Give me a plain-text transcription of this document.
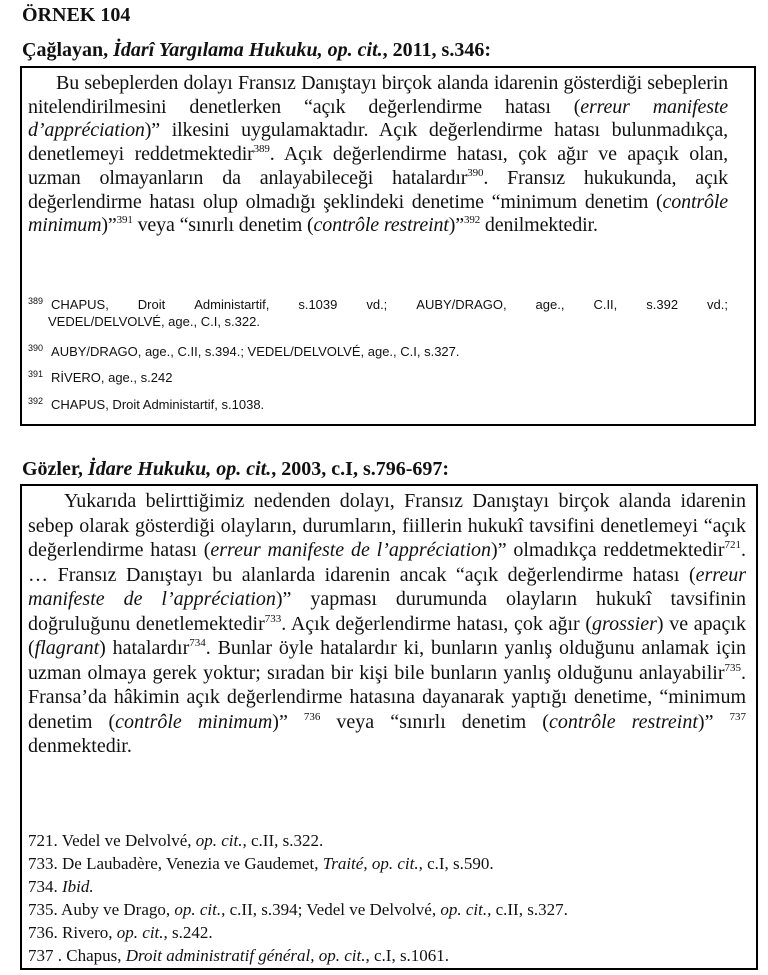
ÖRNEK 104
Çağlayan, İdarî Yargılama Hukuku, op. cit., 2011, s.346:
Bu sebeplerden dolayı Fransız Danıştayı birçok alanda idarenin gösterdiği sebeplerin nitelendirilmesini denetlerken “açık değerlendirme hatası (erreur manifeste d’appréciation)” ilkesini uygulamaktadır. Açık değerlendirme hatası bulunmadıkça, denetlemeyi reddetmektedir$^{389}$. Açık değerlendirme hatası, çok ağır ve apaçık olan, uzman olmayanların da anlayabileceği hatalardır$^{390}$. Fransız hukukunda, açık değerlendirme hatası olup olmadığı şeklindeki denetime “minimum denetim (contrôle minimum)”$^{391}$ veya “sınırlı denetim (contrôle restreint)”$^{392}$ denilmektedir.
$^{389}$ CHAPUS, Droit Administartif, s.1039 vd.; AUBY/DRAGO, age., C.II, s.392 vd.;
VEDEL/DELVOLVÉ, age., C.I, s.322.
$^{390}$ AUBY/DRAGO, age., C.II, s.394.; VEDEL/DELVOLVÉ, age., C.I, s.327.
$^{391}$ RİVERO, age., s.242
$^{392}$ CHAPUS, Droit Administartif, s.1038.
Gözler, İdare Hukuku, op. cit., 2003, c.I, s.796-697:
Yukarıda belirttiğimiz nedenden dolayı, Fransız Danıştayı birçok alanda idarenin sebep olarak gösterdiği olayların, durumların, fiillerin hukukî tavsifini denetlemeyi “açık değerlendirme hatası (erreur manifeste de l’appréciation)” olmadıkça reddetmektedir$^{721}$. … Fransız Danıştayı bu alanlarda idarenin ancak “açık değerlendirme hatası (erreur manifeste de l’appréciation)” yapması durumunda olayların hukukî tavsifinin doğruluğunu denetlemektedir$^{733}$. Açık değerlendirme hatası, çok ağır (grossier) ve apaçık (flagrant) hatalardır$^{734}$. Bunlar öyle hatalardır ki, bunların yanlış olduğunu anlamak için uzman olmaya gerek yoktur; sıradan bir kişi bile bunların yanlış olduğunu anlayabilir$^{735}$. Fransa’da hâkimin açık değerlendirme hatasına dayanarak yaptığı denetime, “minimum denetim (contrôle minimum)” $^{736}$ veya “sınırlı denetim (contrôle restreint)” $^{737}$ denmektedir.
721. Vedel ve Delvolvé, op. cit., c.II, s.322.
733. De Laubadère, Venezia ve Gaudemet, Traité, op. cit., c.I, s.590.
734. Ibid.
735. Auby ve Drago, op. cit., c.II, s.394; Vedel ve Delvolvé, op. cit., c.II, s.327.
736. Rivero, op. cit., s.242.
737 . Chapus, Droit administratif général, op. cit., c.I, s.1061.
